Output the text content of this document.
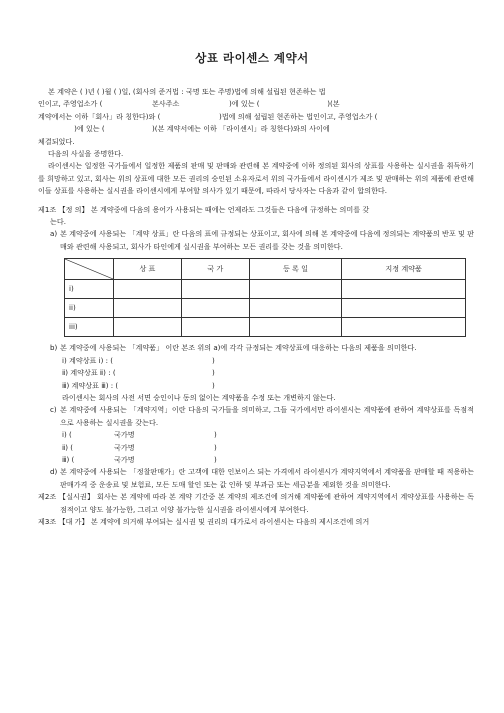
상표 라이센스 계약서

본 계약은 ( )년 ( )월 ( )일, (회사의 준거법 : 국명 또는 주명)법에 의해 설립된 현존하는 법

인이고, 주영업소가 (                      본사주소                      )에 있는 (                              )(본

계약에서는 이하「회사」라 칭한다)와 (                          )법에 의해 설립된 현존하는 법인이고, 주영업소가 (

)에 있는 (                     )(본 계약서에는 이하 「라이센시」라 칭한다)와의 사이에

체결되었다.

다음의 사실을 증명한다.

라이센시는 일정한 국가들에서 일정한 제품의 판매 및 판매와 관련해 본 계약중에 이하 정의된 회사의 상표를 사용하는 실시권을 취득하기를 희망하고 있고, 회사는 위의 상표에 대한 모든 권리의 승인된 소유자로서 위의 국가들에서 라이센시가 제조 및 판매하는 위의 제품에 관련해 이들 상표를 사용하는 실시권을 라이센시에게 부여할 의사가 있기 때문에, 따라서 당사자는 다음과 같이 합의한다.

제1조 【정 의】 본 계약중에 다음의 용어가 사용되는 때에는 언제라도 그것들은 다음에 규정하는 의미를 갖

는다.

a) 본 계약중에 사용되는 「계약 상표」란 다음의 표에 규정되는 상표이고, 회사에 의해 본 계약중에 다음에 정의되는 계약품의 반포 및 판매와 관련해 사용되고, 회사가 타인에게 실시권을 부여하는 모든 권리를 갖는 것을 의미한다.
	상 표	국 가	등 록 일	지정 계약품
i)				
ii)				
iii)				
b) 본 계약중에 사용되는 「계약품」 이란 본조 위의 a)에 각각 규정되는 계약상표에 대응하는 다음의 제품을 의미한다.
ⅰ) 계약상표 ⅰ) : (	)
ⅱ) 계약상표 ⅱ) : (	)
ⅲ) 계약상표 ⅲ) : (	)

라이센시는 회사의 사전 서면 승인이나 동의 없이는 계약품을 수정 또는 개변하지 않는다.

c) 본 계약중에 사용되는 「계약지역」이란 다음의 국가들을 의미하고, 그들 국가에서만 라이센시는 계약품에 관하여 계약상표를 독점적으로 사용하는 실시권을 갖는다.
ⅰ) (	국가명	)
ⅱ) (	국가명	)
ⅲ) (	국가명	)
d) 본 계약중에 사용되는 「정찰판매가」란 고객에 대한 인보이스 되는 가격에서 라이센시가 계약지역에서 계약품을 판매할 때 적용하는 판매가격 중 운송료 및 보험료, 모든 도매 할인 또는 값 인하 및 부과금 또는 세금분을 제외한 것을 의미한다.

제2조 【실시권】 회사는 본 계약에 따라 본 계약 기간중 본 계약의 제조건에 의거해 계약품에 관하여 계약지역에서 계약상표를 사용하는 독점적이고 양도 불가능한, 그리고 이양 불가능한 실시권을 라이센시에게 부여한다.

제3조 【대 가】 본 계약에 의거해 부여되는 실시권 및 권리의 대가로서 라이센시는 다음의 제시조건에 의거
